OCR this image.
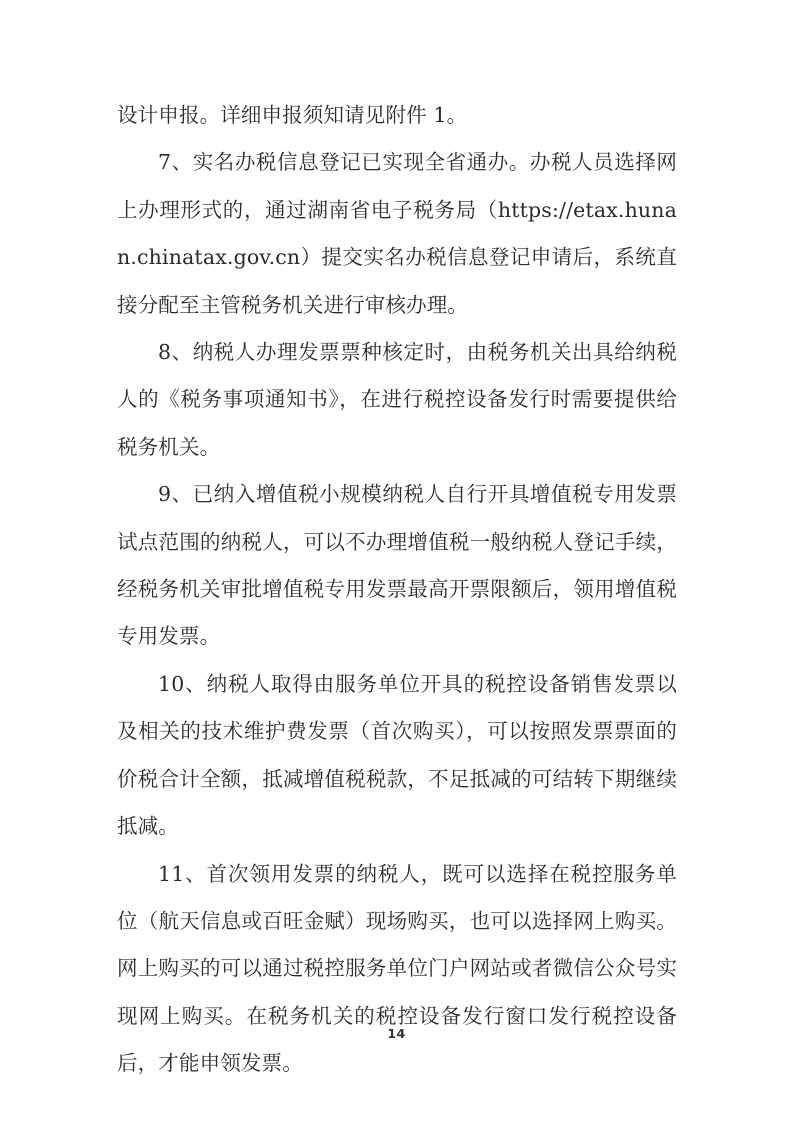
设计申报。详细申报须知请见附件 1。

7、实名办税信息登记已实现全省通办。办税人员选择网上办理形式的，通过湖南省电子税务局（https://etax.hunan.chinatax.gov.cn）提交实名办税信息登记申请后，系统直接分配至主管税务机关进行审核办理。

8、纳税人办理发票票种核定时，由税务机关出具给纳税人的《税务事项通知书》，在进行税控设备发行时需要提供给税务机关。

9、已纳入增值税小规模纳税人自行开具增值税专用发票试点范围的纳税人，可以不办理增值税一般纳税人登记手续，经税务机关审批增值税专用发票最高开票限额后，领用增值税专用发票。

10、纳税人取得由服务单位开具的税控设备销售发票以及相关的技术维护费发票（首次购买），可以按照发票票面的价税合计全额，抵减增值税税款，不足抵减的可结转下期继续抵减。

11、首次领用发票的纳税人，既可以选择在税控服务单位（航天信息或百旺金赋）现场购买，也可以选择网上购买。网上购买的可以通过税控服务单位门户网站或者微信公众号实现网上购买。在税务机关的税控设备发行窗口发行税控设备后，才能申领发票。

14
